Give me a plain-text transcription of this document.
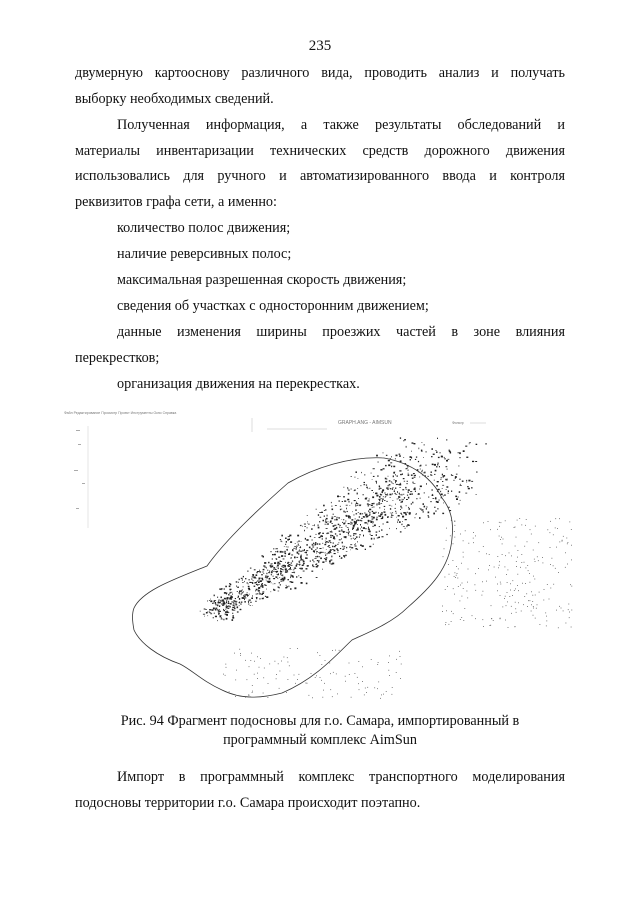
235
двумерную картооснову различного вида, проводить анализ и получать
выборку необходимых сведений.
Полученная информация, а также результаты обследований и
материалы инвентаризации технических средств дорожного движения
использовались для ручного и автоматизированного ввода и контроля
реквизитов графа сети, а именно:
количество полос движения;
наличие реверсивных полос;
максимальная разрешенная скорость движения;
сведения об участках с односторонним движением;
данные изменения ширины проезжих частей в зоне влияния
перекрестков;
организация движения на перекрестках.
Файл Редактирование Просмотр Проект Инструменты Окно Справка
GRAPH.ANG - AIMSUN	Фильтр
Рис. 94 Фрагмент подосновы для г.о. Самара, импортированный в
программный комплекс AimSun
Импорт в программный комплекс транспортного моделирования
подосновы территории г.о. Самара происходит поэтапно.
